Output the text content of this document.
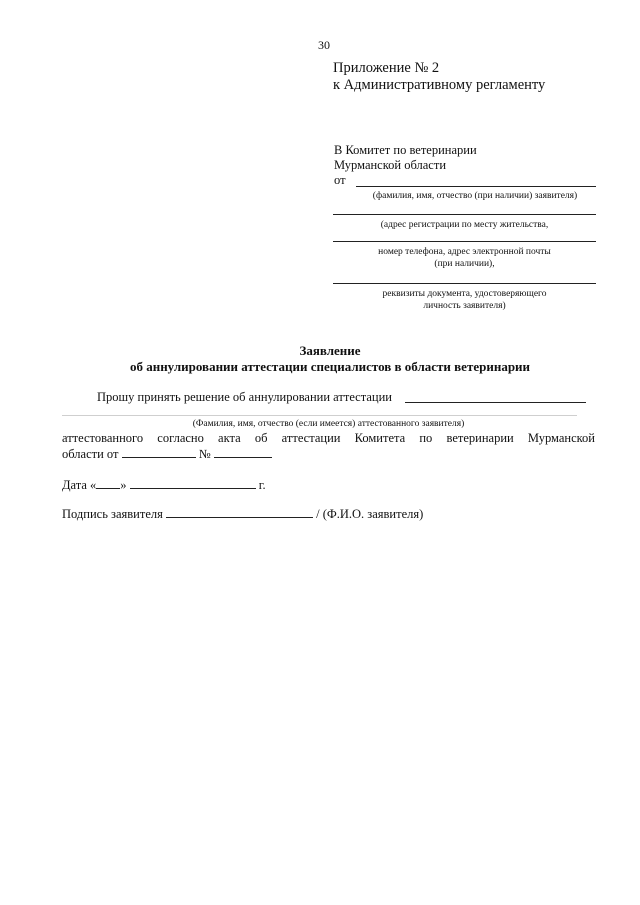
30
Приложение № 2
к Административному регламенту
В Комитет по ветеринарии
Мурманской области
от
(фамилия, имя, отчество (при наличии) заявителя)
(адрес регистрации по месту жительства,
номер телефона, адрес электронной почты
(при наличии),
реквизиты документа, удостоверяющего
личность заявителя)
Заявление
об аннулировании аттестации специалистов в области ветеринарии
Прошу принять решение об аннулировании аттестации
(Фамилия, имя, отчество (если имеется) аттестованного заявителя)
аттестованного согласно акта об аттестации Комитета по ветеринарии Мурманской
области от	№
Дата « »	г.
Подпись заявителя	/ (Ф.И.О. заявителя)
